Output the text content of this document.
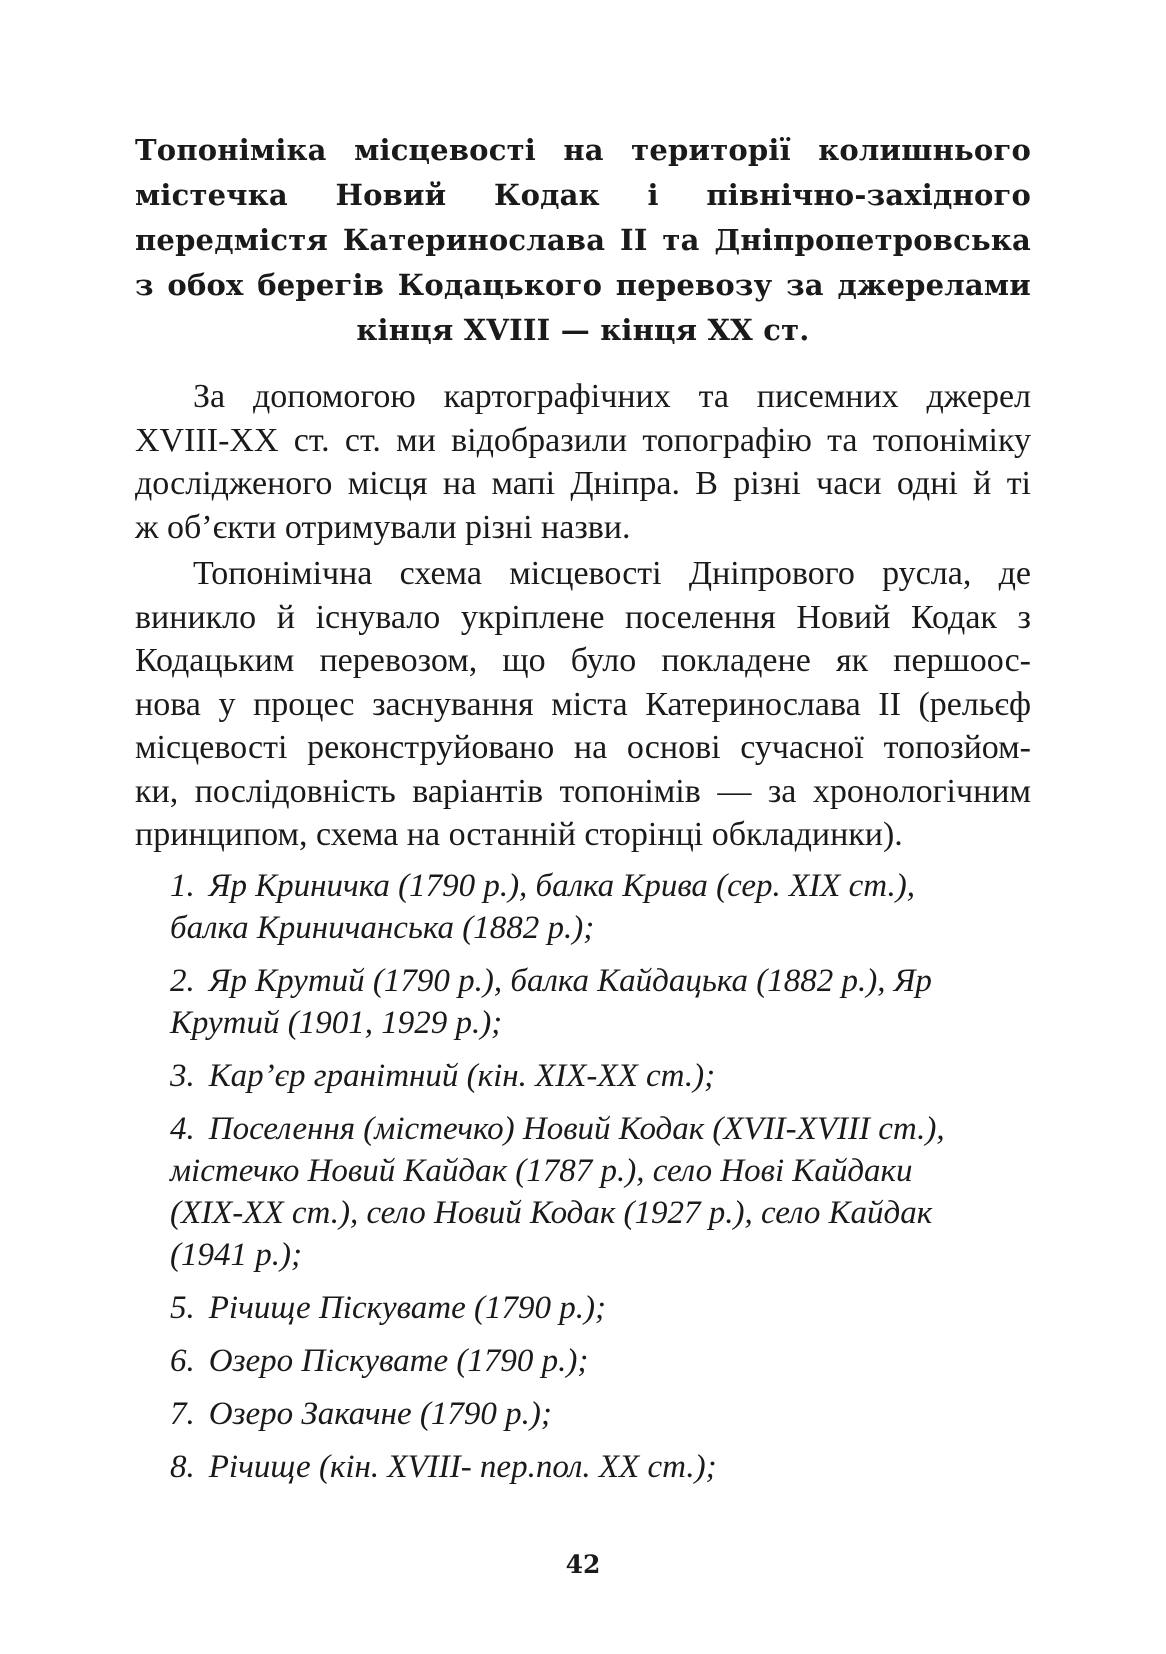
Топоніміка місцевості на території колишнього
містечка Новий Кодак і північно-західного
передмістя Катеринослава ІІ та Дніпропетровська
з обох берегів Кодацького перевозу за джерелами
кінця XVIII — кінця ХХ ст.

За допомогою картографічних та писемних джерел
XVIII-XX ст. ст. ми відобразили топографію та топоніміку
дослідженого місця на мапі Дніпра. В різні часи одні й ті
ж об’єкти отримували різні назви.

Топонімічна схема місцевості Дніпрового русла, де
виникло й існувало укріплене поселення Новий Кодак з
Кодацьким перевозом, що було покладене як першоос-
нова у процес заснування міста Катеринослава ІІ (рельєф
місцевості реконструйовано на основі сучасної топозйом-
ки, послідовність варіантів топонімів — за хронологічним
принципом, схема на останній сторінці обкладинки).

1. Яр Криничка (1790 р.), балка Крива (сер. XIX ст.),
балка Криничанська (1882 р.);
2. Яр Крутий (1790 р.), балка Кайдацька (1882 р.), Яр
Крутий (1901, 1929 р.);
3. Кар’єр гранітний (кін. XIX-XX ст.);
4. Поселення (містечко) Новий Кодак (XVII-XVIII ст.),
містечко Новий Кайдак (1787 р.), село Нові Кайдаки
(XIX-XX ст.), село Новий Кодак (1927 р.), село Кайдак
(1941 р.);
5. Річище Піскувате (1790 р.);
6. Озеро Піскувате (1790 р.);
7. Озеро Закачне (1790 р.);
8. Річище (кін. XVIII- пер.пол. XX ст.);
42
